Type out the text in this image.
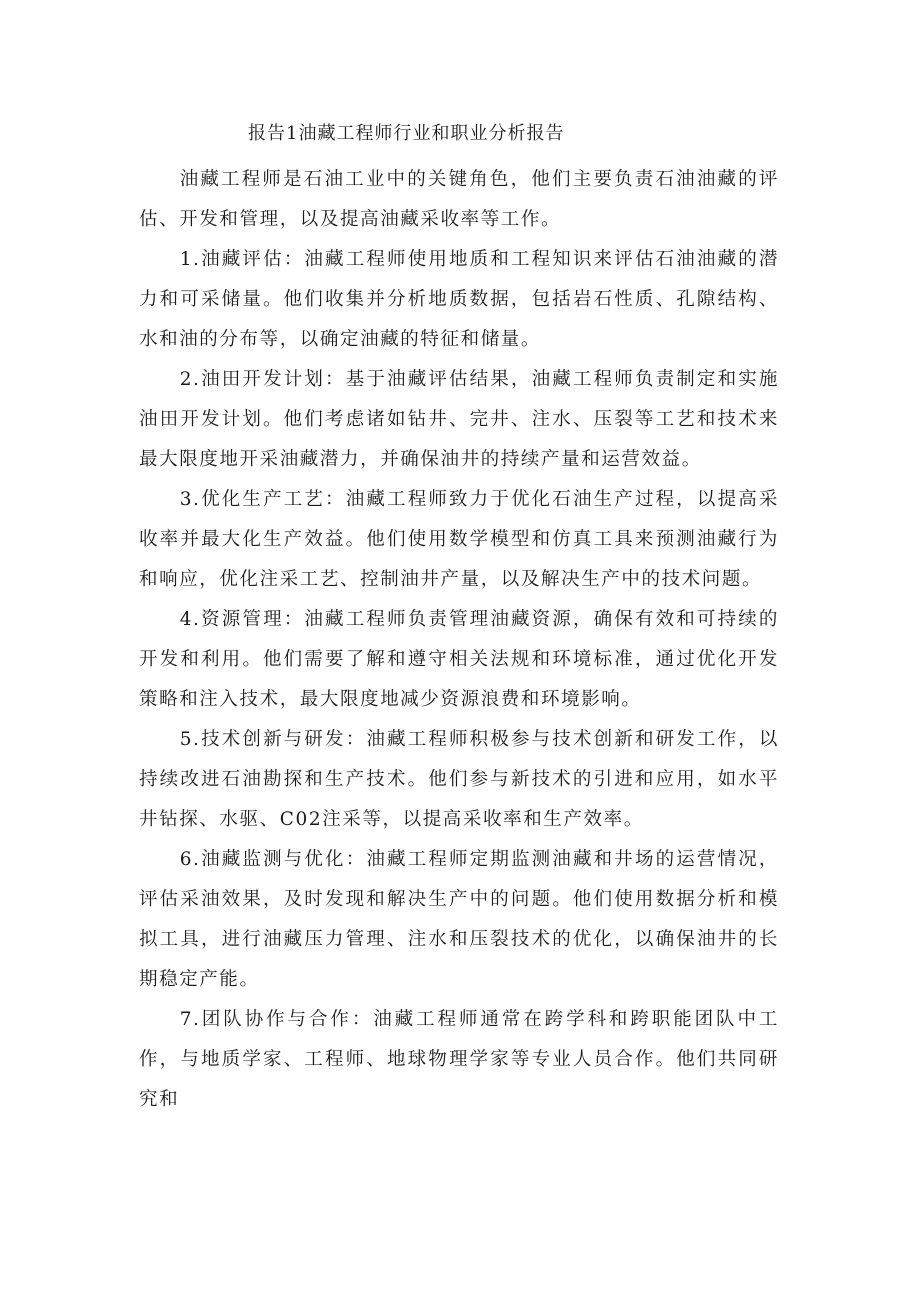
报告1油藏工程师行业和职业分析报告

油藏工程师是石油工业中的关键角色，他们主要负责石油油藏的评估、开发和管理，以及提高油藏采收率等工作。

1.油藏评估：油藏工程师使用地质和工程知识来评估石油油藏的潜力和可采储量。他们收集并分析地质数据，包括岩石性质、孔隙结构、水和油的分布等，以确定油藏的特征和储量。

2.油田开发计划：基于油藏评估结果，油藏工程师负责制定和实施油田开发计划。他们考虑诸如钻井、完井、注水、压裂等工艺和技术来最大限度地开采油藏潜力，并确保油井的持续产量和运营效益。

3.优化生产工艺：油藏工程师致力于优化石油生产过程，以提高采收率并最大化生产效益。他们使用数学模型和仿真工具来预测油藏行为和响应，优化注采工艺、控制油井产量，以及解决生产中的技术问题。

4.资源管理：油藏工程师负责管理油藏资源，确保有效和可持续的开发和利用。他们需要了解和遵守相关法规和环境标准，通过优化开发策略和注入技术，最大限度地减少资源浪费和环境影响。

5.技术创新与研发：油藏工程师积极参与技术创新和研发工作，以持续改进石油勘探和生产技术。他们参与新技术的引进和应用，如水平井钻探、水驱、C02注采等，以提高采收率和生产效率。

6.油藏监测与优化：油藏工程师定期监测油藏和井场的运营情况，评估采油效果，及时发现和解决生产中的问题。他们使用数据分析和模拟工具，进行油藏压力管理、注水和压裂技术的优化，以确保油井的长期稳定产能。

7.团队协作与合作：油藏工程师通常在跨学科和跨职能团队中工作，与地质学家、工程师、地球物理学家等专业人员合作。他们共同研究和
